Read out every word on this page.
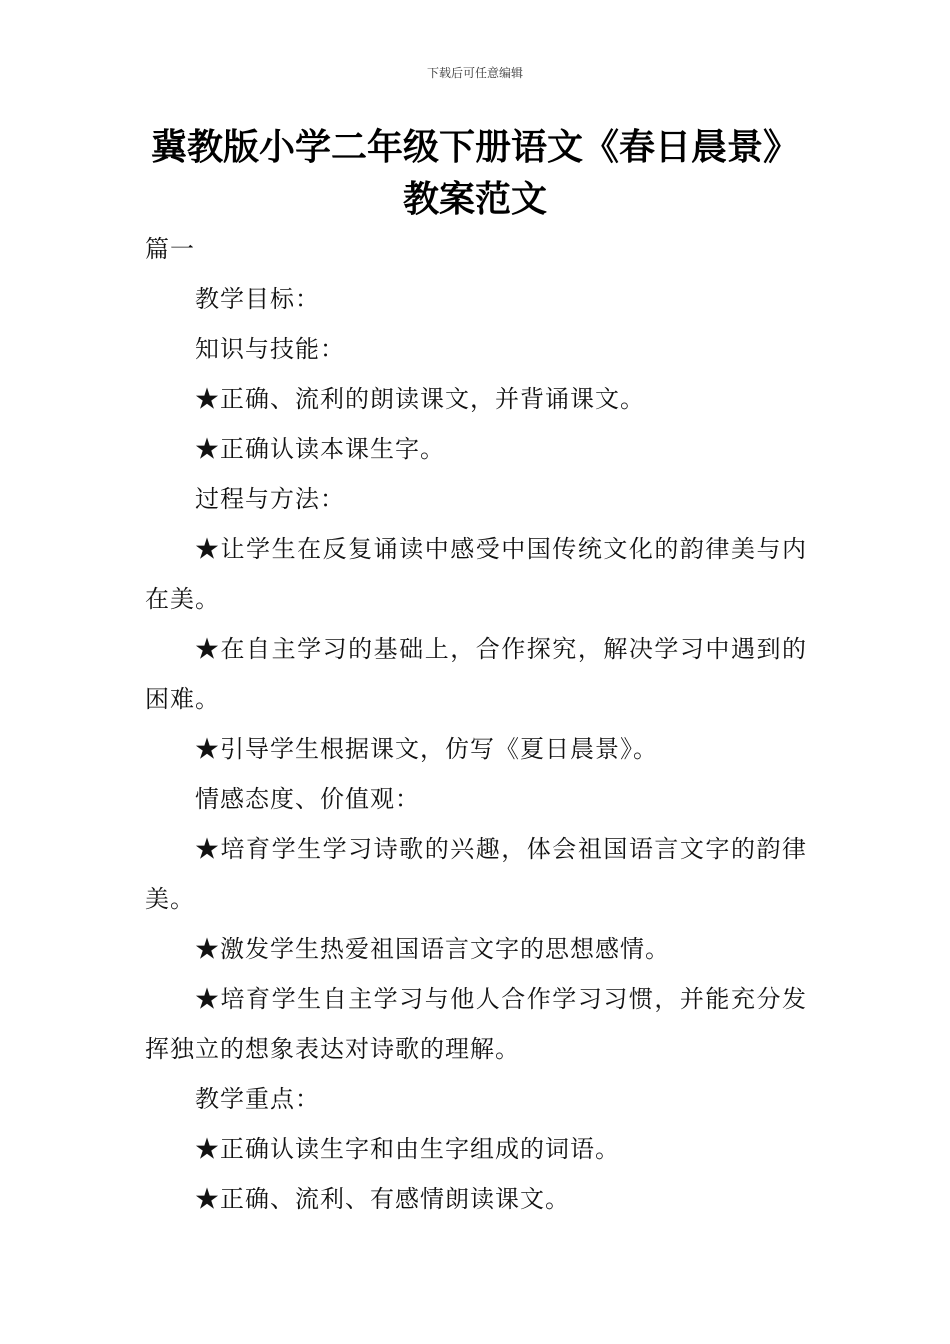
下载后可任意编辑
冀教版小学二年级下册语文《春日晨景》
教案范文

篇一

教学目标：

知识与技能：

★正确、流利的朗读课文，并背诵课文。

★正确认读本课生字。

过程与方法：

★让学生在反复诵读中感受中国传统文化的韵律美与内在美。

★在自主学习的基础上，合作探究，解决学习中遇到的困难。

★引导学生根据课文，仿写《夏日晨景》。

情感态度、价值观：

★培育学生学习诗歌的兴趣，体会祖国语言文字的韵律美。

★激发学生热爱祖国语言文字的思想感情。

★培育学生自主学习与他人合作学习习惯，并能充分发挥独立的想象表达对诗歌的理解。

教学重点：

★正确认读生字和由生字组成的词语。

★正确、流利、有感情朗读课文。
